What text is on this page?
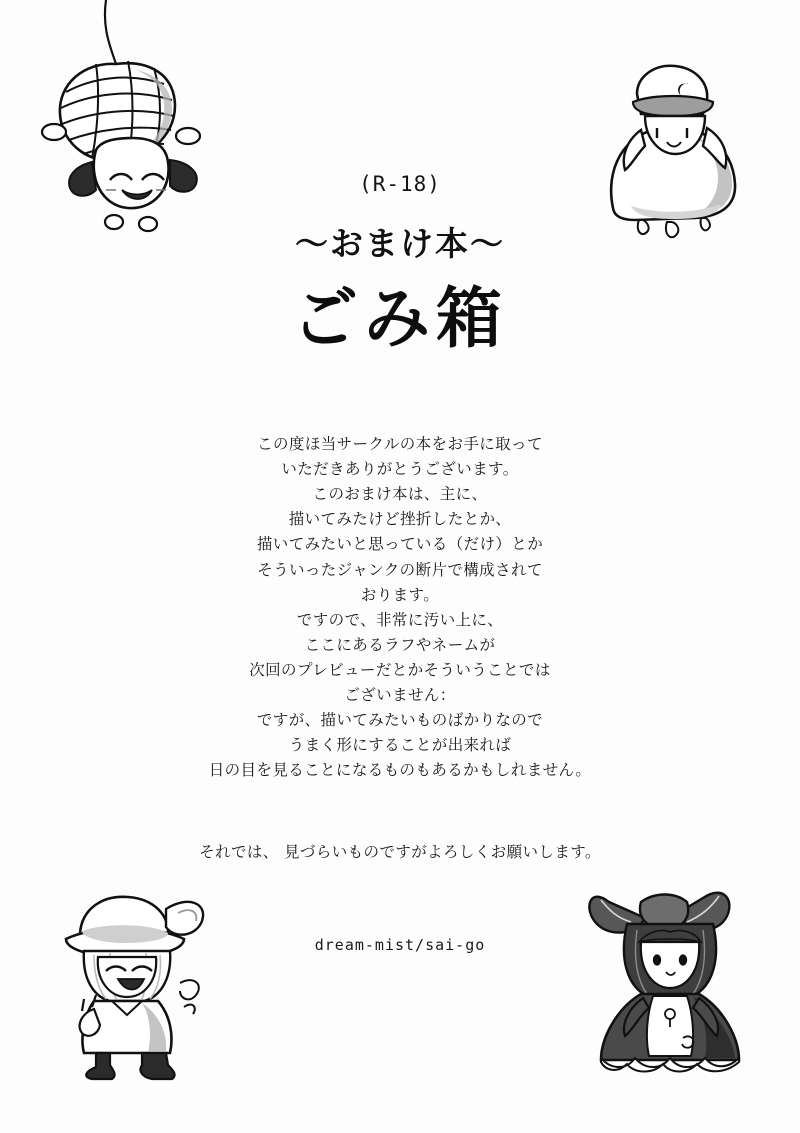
(R-18)
～おまけ本～
ごみ箱
この度ほ当サークルの本をお手に取って
いただきありがとうございます。
このおまけ本は、主に、
描いてみたけど挫折したとか、
描いてみたいと思っている（だけ）とか
そういったジャンクの断片で構成されて
おります。
ですので、非常に汚い上に、
ここにあるラフやネームが
次回のプレビューだとかそういうことでは
ございません：
ですが、描いてみたいものばかりなので
うまく形にすることが出来れば
日の目を見ることになるものもあるかもしれません。
それでは、 見づらいものですがよろしくお願いします。
dream-mist/sai-go
